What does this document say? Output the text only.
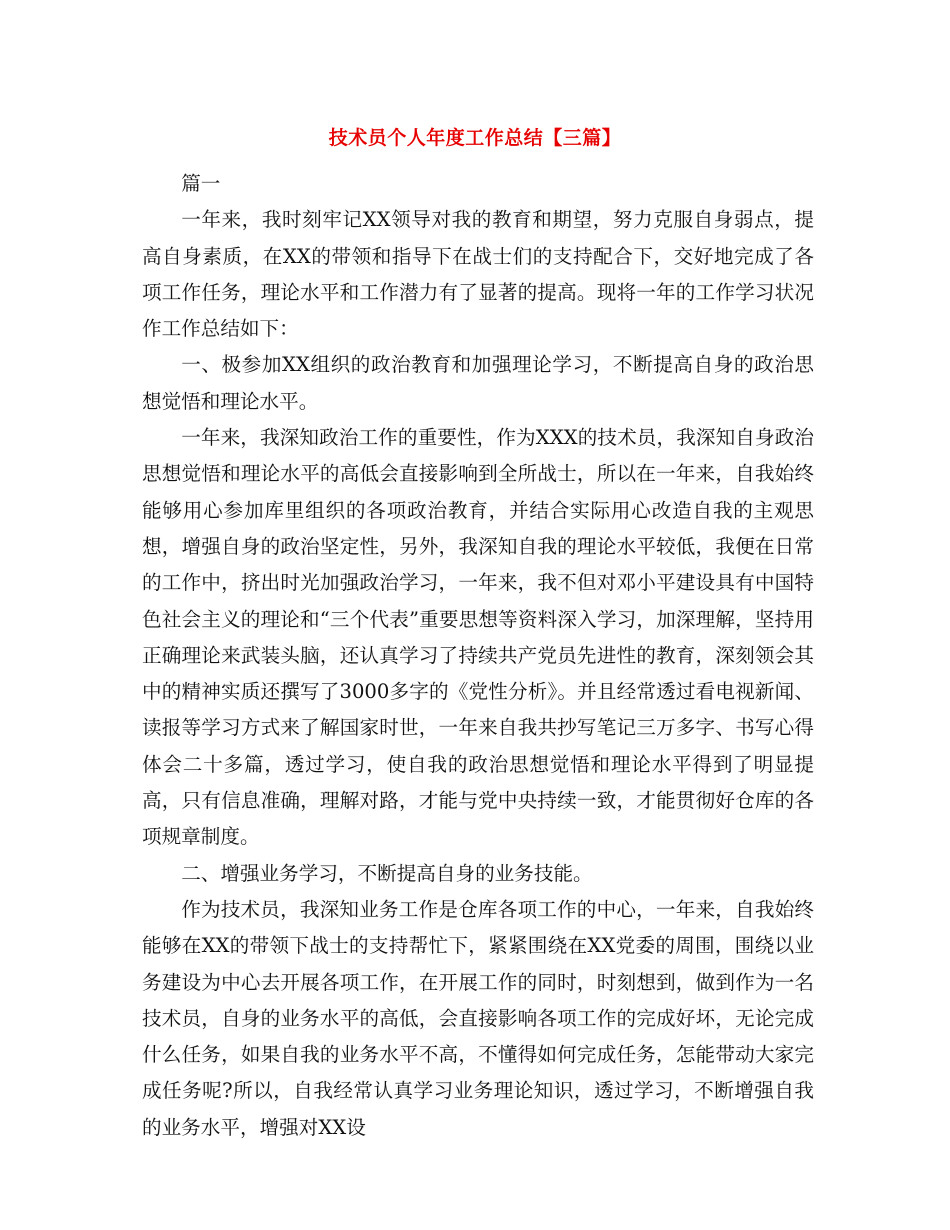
技术员个人年度工作总结【三篇】

篇一

一年来，我时刻牢记XX领导对我的教育和期望，努力克服自身弱点，提高自身素质，在XX的带领和指导下在战士们的支持配合下，交好地完成了各项工作任务，理论水平和工作潜力有了显著的提高。现将一年的工作学习状况作工作总结如下：

一、极参加XX组织的政治教育和加强理论学习，不断提高自身的政治思想觉悟和理论水平。

一年来，我深知政治工作的重要性，作为XXX的技术员，我深知自身政治思想觉悟和理论水平的高低会直接影响到全所战士，所以在一年来，自我始终能够用心参加库里组织的各项政治教育，并结合实际用心改造自我的主观思想，增强自身的政治坚定性，另外，我深知自我的理论水平较低，我便在日常的工作中，挤出时光加强政治学习，一年来，我不但对邓小平建设具有中国特色社会主义的理论和“三个代表”重要思想等资料深入学习，加深理解，坚持用正确理论来武装头脑，还认真学习了持续共产党员先进性的教育，深刻领会其中的精神实质还撰写了3000多字的《党性分析》。并且经常透过看电视新闻、读报等学习方式来了解国家时世，一年来自我共抄写笔记三万多字、书写心得体会二十多篇，透过学习，使自我的政治思想觉悟和理论水平得到了明显提高，只有信息准确，理解对路，才能与党中央持续一致，才能贯彻好仓库的各项规章制度。

二、增强业务学习，不断提高自身的业务技能。

作为技术员，我深知业务工作是仓库各项工作的中心，一年来，自我始终能够在XX的带领下战士的支持帮忙下，紧紧围绕在XX党委的周围，围绕以业务建设为中心去开展各项工作，在开展工作的同时，时刻想到，做到作为一名技术员，自身的业务水平的高低，会直接影响各项工作的完成好坏，无论完成什么任务，如果自我的业务水平不高，不懂得如何完成任务，怎能带动大家完成任务呢?所以，自我经常认真学习业务理论知识，透过学习，不断增强自我的业务水平，增强对XX设
